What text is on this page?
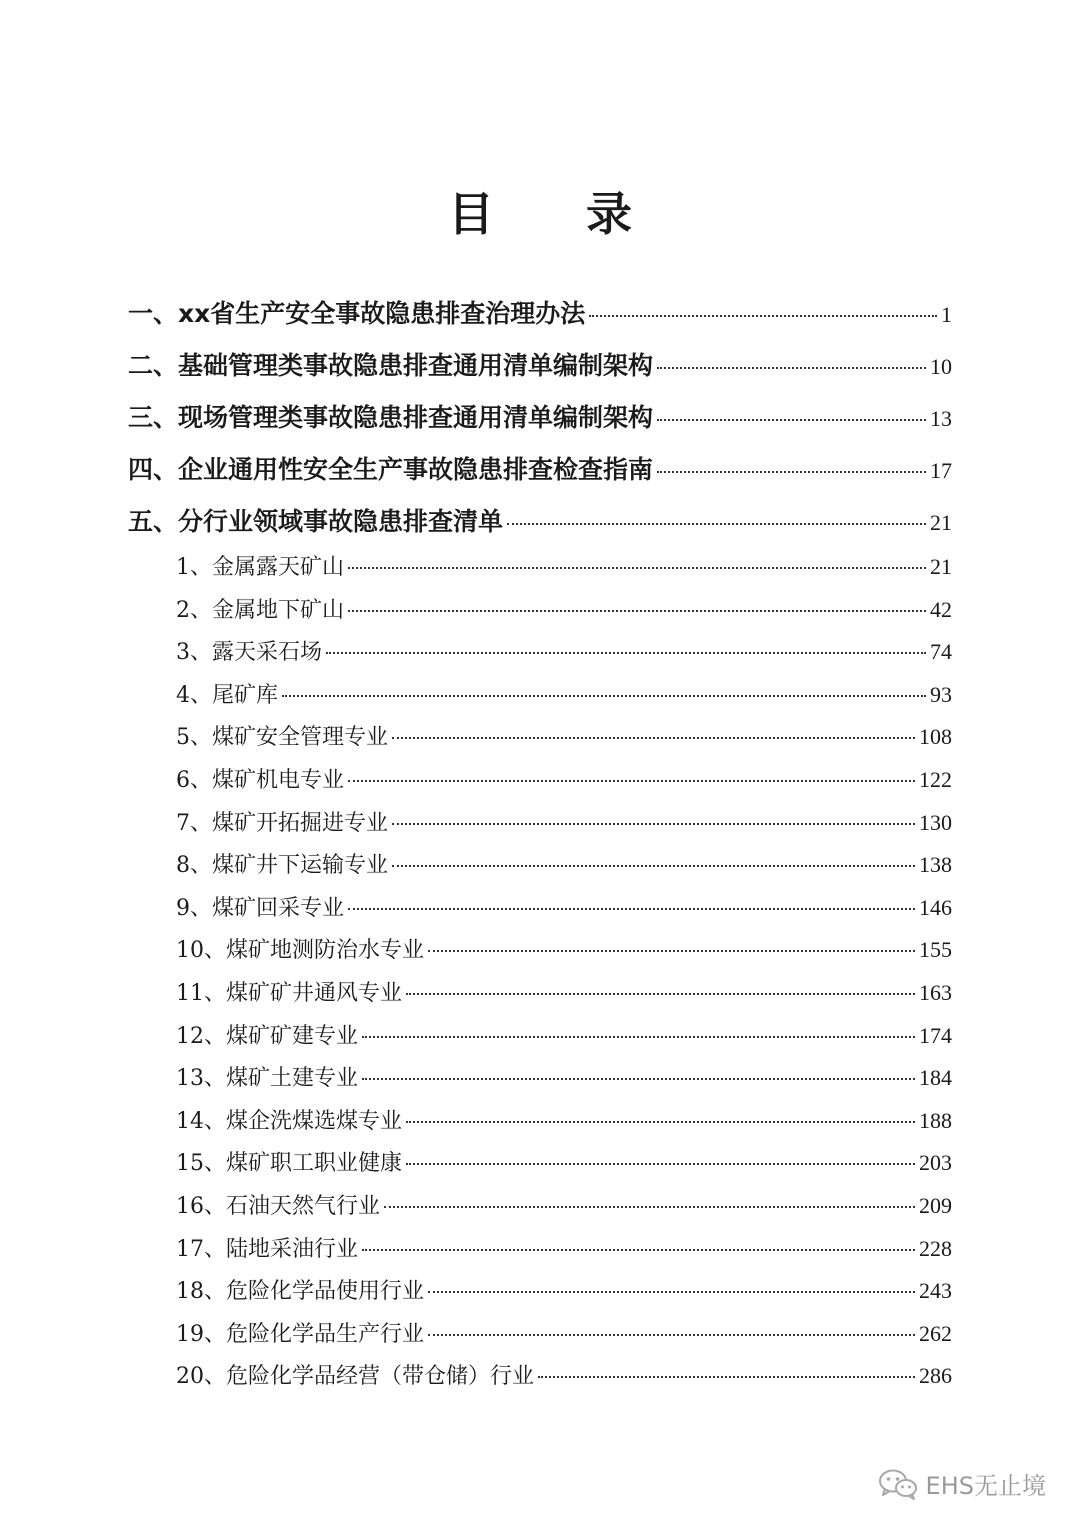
目 录
一、xx省生产安全事故隐患排查治理办法	1
二、基础管理类事故隐患排查通用清单编制架构	10
三、现场管理类事故隐患排查通用清单编制架构	13
四、企业通用性安全生产事故隐患排查检查指南	17
五、分行业领域事故隐患排查清单	21
1、金属露天矿山	21
2、金属地下矿山	42
3、露天采石场	74
4、尾矿库	93
5、煤矿安全管理专业	108
6、煤矿机电专业	122
7、煤矿开拓掘进专业	130
8、煤矿井下运输专业	138
9、煤矿回采专业	146
10、煤矿地测防治水专业	155
11、煤矿矿井通风专业	163
12、煤矿矿建专业	174
13、煤矿土建专业	184
14、煤企洗煤选煤专业	188
15、煤矿职工职业健康	203
16、石油天然气行业	209
17、陆地采油行业	228
18、危险化学品使用行业	243
19、危险化学品生产行业	262
20、危险化学品经营（带仓储）行业	286
EHS无止境
